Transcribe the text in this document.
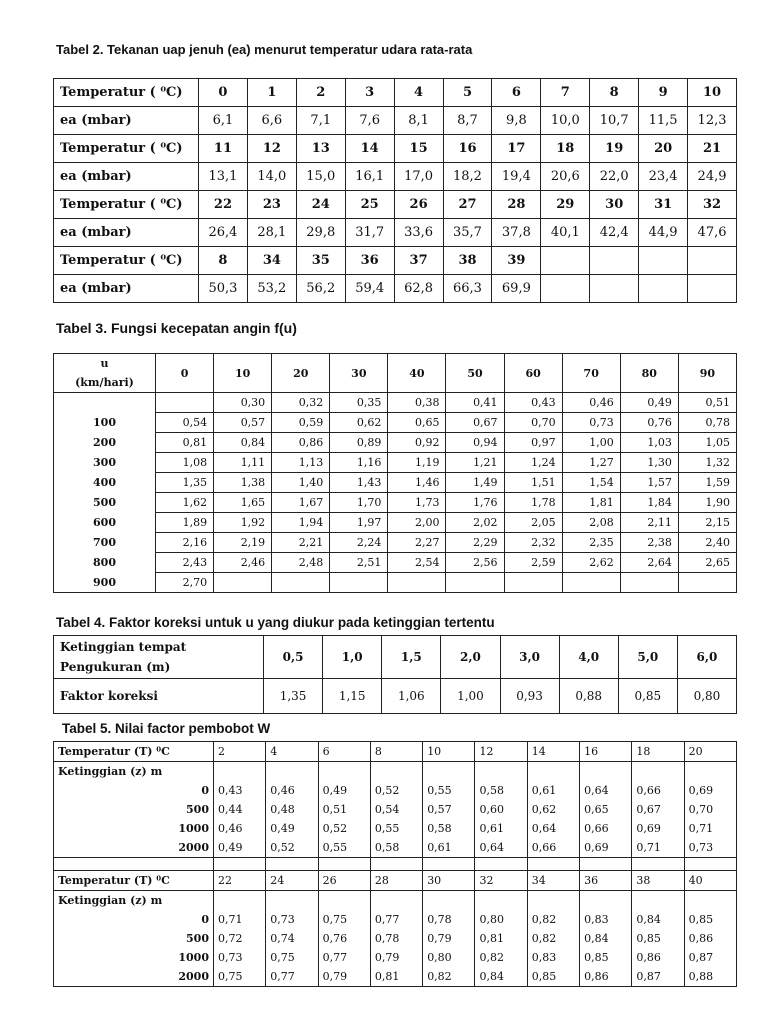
Tabel 2. Tekanan uap jenuh (ea) menurut temperatur udara rata-rata
Temperatur ( ⁰C)	0	1	2	3	4	5	6	7	8	9	10
ea (mbar)	6,1	6,6	7,1	7,6	8,1	8,7	9,8	10,0	10,7	11,5	12,3
Temperatur ( ⁰C)	11	12	13	14	15	16	17	18	19	20	21
ea (mbar)	13,1	14,0	15,0	16,1	17,0	18,2	19,4	20,6	22,0	23,4	24,9
Temperatur ( ⁰C)	22	23	24	25	26	27	28	29	30	31	32
ea (mbar)	26,4	28,1	29,8	31,7	33,6	35,7	37,8	40,1	42,4	44,9	47,6
Temperatur ( ⁰C)	8	34	35	36	37	38	39				
ea (mbar)	50,3	53,2	56,2	59,4	62,8	66,3	69,9				
Tabel 3. Fungsi kecepatan angin f(u)
u	0	10	20	30	40	50	60	70	80	90
(km/hari)										
		0,30	0,32	0,35	0,38	0,41	0,43	0,46	0,49	0,51
100	0,54	0,57	0,59	0,62	0,65	0,67	0,70	0,73	0,76	0,78
200	0,81	0,84	0,86	0,89	0,92	0,94	0,97	1,00	1,03	1,05
300	1,08	1,11	1,13	1,16	1,19	1,21	1,24	1,27	1,30	1,32
400	1,35	1,38	1,40	1,43	1,46	1,49	1,51	1,54	1,57	1,59
500	1,62	1,65	1,67	1,70	1,73	1,76	1,78	1,81	1,84	1,90
600	1,89	1,92	1,94	1,97	2,00	2,02	2,05	2,08	2,11	2,15
700	2,16	2,19	2,21	2,24	2,27	2,29	2,32	2,35	2,38	2,40
800	2,43	2,46	2,48	2,51	2,54	2,56	2,59	2,62	2,64	2,65
900	2,70									
Tabel 4. Faktor koreksi untuk u yang diukur pada ketinggian tertentu
Ketinggian tempat
Pengukuran (m)	0,5	1,0	1,5	2,0	3,0	4,0	5,0	6,0
Faktor koreksi	1,35	1,15	1,06	1,00	0,93	0,88	0,85	0,80
Tabel 5. Nilai factor pembobot W
Temperatur (T) ⁰C	2	4	6	8	10	12	14	16	18	20
Ketinggian (z) m										
0	0,43	0,46	0,49	0,52	0,55	0,58	0,61	0,64	0,66	0,69
500	0,44	0,48	0,51	0,54	0,57	0,60	0,62	0,65	0,67	0,70
1000	0,46	0,49	0,52	0,55	0,58	0,61	0,64	0,66	0,69	0,71
2000	0,49	0,52	0,55	0,58	0,61	0,64	0,66	0,69	0,71	0,73

Temperatur (T) ⁰C	22	24	26	28	30	32	34	36	38	40
Ketinggian (z) m										
0	0,71	0,73	0,75	0,77	0,78	0,80	0,82	0,83	0,84	0,85
500	0,72	0,74	0,76	0,78	0,79	0,81	0,82	0,84	0,85	0,86
1000	0,73	0,75	0,77	0,79	0,80	0,82	0,83	0,85	0,86	0,87
2000	0,75	0,77	0,79	0,81	0,82	0,84	0,85	0,86	0,87	0,88
